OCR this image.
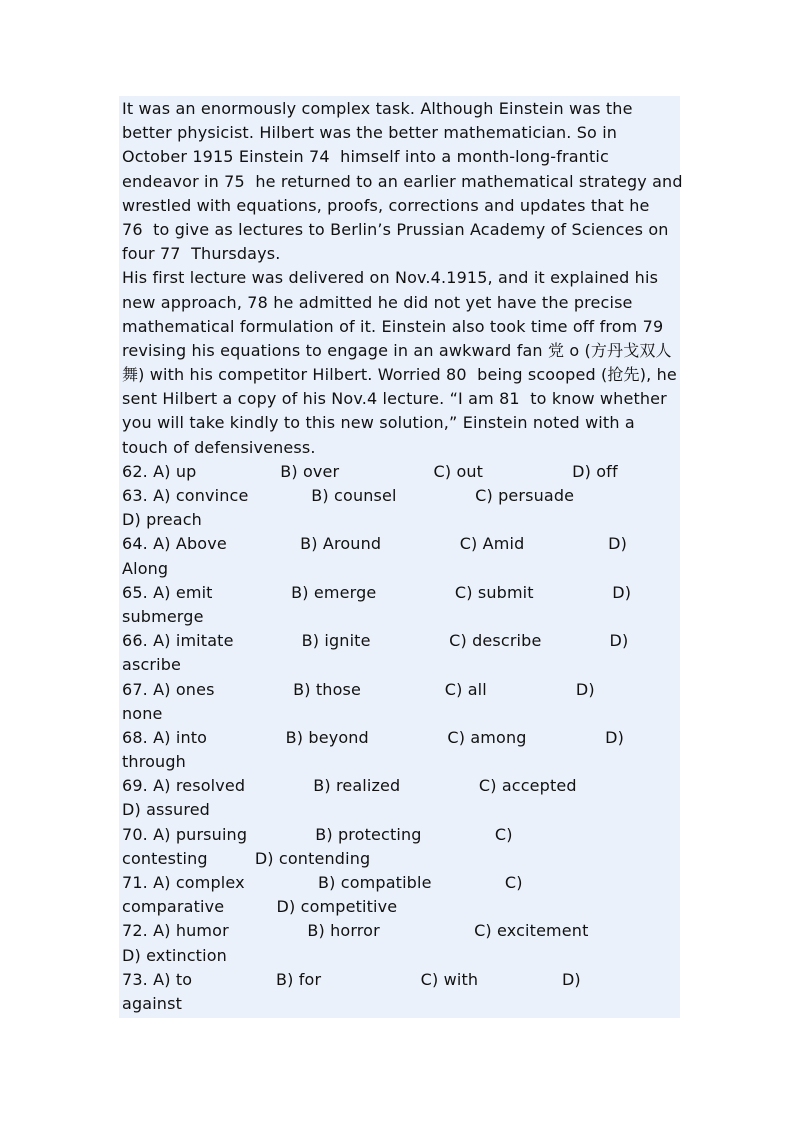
It was an enormously complex task. Although Einstein was the
better physicist. Hilbert was the better mathematician. So in
October 1915 Einstein 74  himself into a month-long-frantic
endeavor in 75  he returned to an earlier mathematical strategy and
wrestled with equations, proofs, corrections and updates that he
76  to give as lectures to Berlin’s Prussian Academy of Sciences on
four 77  Thursdays.
His first lecture was delivered on Nov.4.1915, and it explained his
new approach, 78 he admitted he did not yet have the precise
mathematical formulation of it. Einstein also took time off from 79
revising his equations to engage in an awkward fan 党 o (方丹戈双人
舞) with his competitor Hilbert. Worried 80  being scooped (抢先), he
sent Hilbert a copy of his Nov.4 lecture. “I am 81  to know whether
you will take kindly to this new solution,” Einstein noted with a
touch of defensiveness.
62. A) up                B) over                  C) out                 D) off
63. A) convince            B) counsel               C) persuade
D) preach
64. A) Above              B) Around               C) Amid                D)
Along
65. A) emit               B) emerge               C) submit               D)
submerge
66. A) imitate             B) ignite               C) describe             D)
ascribe
67. A) ones               B) those                C) all                 D)
none
68. A) into               B) beyond               C) among               D)
through
69. A) resolved             B) realized               C) accepted
D) assured
70. A) pursuing             B) protecting              C)
contesting         D) contending
71. A) complex              B) compatible              C)
comparative          D) competitive
72. A) humor               B) horror                  C) excitement
D) extinction
73. A) to                B) for                   C) with                D)
against
